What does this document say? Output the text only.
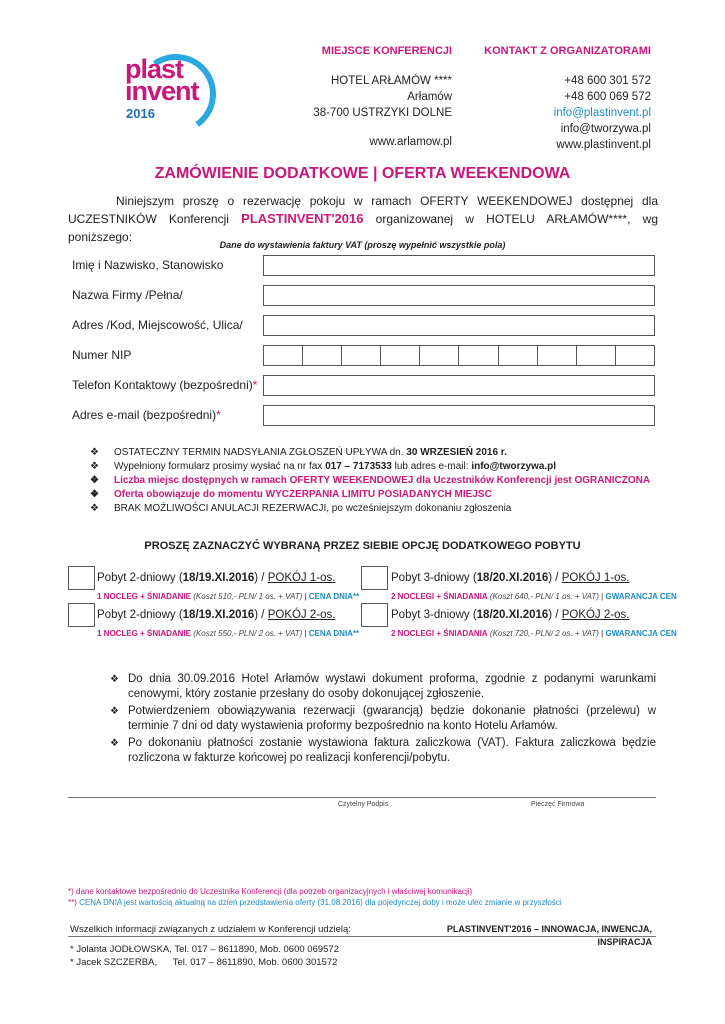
plast
invent
2016
MIEJSCE KONFERENCJI
HOTEL ARŁAMÓW ****
Arłamów
38-700 USTRZYKI DOLNE
www.arlamow.pl
KONTAKT Z ORGANIZATORAMI
+48 600 301 572
+48 600 069 572
info@plastinvent.pl
info@tworzywa.pl
www.plastinvent.pl
ZAMÓWIENIE DODATKOWE | OFERTA WEEKENDOWA
Niniejszym proszę o rezerwację pokoju w ramach OFERTY WEEKENDOWEJ dostępnej dla UCZESTNIKÓW Konferencji PLASTINVENT'2016 organizowanej w HOTELU ARŁAMÓW****, wg poniższego:
Dane do wystawienia faktury VAT (proszę wypełnić wszystkie pola)
Imię i Nazwisko, Stanowisko
Nazwa Firmy /Pełna/
Adres /Kod, Miejscowość, Ulica/
Numer NIP
Telefon Kontaktowy (bezpośredni)*
Adres e-mail (bezpośredni)*
❖	OSTATECZNY TERMIN NADSYŁANIA ZGŁOSZEŃ UPŁYWA dn. 30 WRZESIEŃ 2016 r.
❖	Wypełniony formularz prosimy wysłać na nr fax 017 – 7173533 lub adres e-mail: info@tworzywa.pl
❖	Liczba miejsc dostępnych w ramach OFERTY WEEKENDOWEJ dla Uczestników Konferencji jest OGRANICZONA
❖	Oferta obowiązuje do momentu WYCZERPANIA LIMITU POSIADANYCH MIEJSC
❖	BRAK MOŻLIWOŚCI ANULACJI REZERWACJI, po wcześniejszym dokonaniu zgłoszenia
PROSZĘ ZAZNACZYĆ WYBRANĄ PRZEZ SIEBIE OPCJĘ DODATKOWEGO POBYTU
Pobyt 2-dniowy (18/19.XI.2016) / POKÓJ 1-os.
1 NOCLEG + ŚNIADANIE (Koszt 510,- PLN/ 1 os. + VAT) | CENA DNIA**
Pobyt 3-dniowy (18/20.XI.2016) / POKÓJ 1-os.
2 NOCLEGI + ŚNIADANIA (Koszt 640,- PLN/ 1 os. + VAT) | GWARANCJA CEN
Pobyt 2-dniowy (18/19.XI.2016) / POKÓJ 2-os.
1 NOCLEG + ŚNIADANIE (Koszt 550,- PLN/ 2 os. + VAT) | CENA DNIA**
Pobyt 3-dniowy (18/20.XI.2016) / POKÓJ 2-os.
2 NOCLEGI + ŚNIADANIA (Koszt 720,- PLN/ 2 os. + VAT) | GWARANCJA CEN
❖ Do dnia 30.09.2016 Hotel Arłamów wystawi dokument proforma, zgodnie z podanymi warunkami cenowymi, który zostanie przesłany do osoby dokonującej zgłoszenie.
❖ Potwierdzeniem obowiązywania rezerwacji (gwarancją) będzie dokonanie płatności (przelewu) w terminie 7 dni od daty wystawienia proformy bezpośrednio na konto Hotelu Arłamów.
❖ Po dokonaniu płatności zostanie wystawiona faktura zaliczkowa (VAT). Faktura zaliczkowa będzie rozliczona w fakturze końcowej po realizacji konferencji/pobytu.
Czytelny Podpis	Pieczęć Firmowa
*) dane kontaktowe bezpośrednio do Uczestnika Konferencji (dla potrzeb organizacyjnych i właściwej komunikacji)
**) CENA DNIA jest wartością aktualną na dzień przedstawienia oferty (31.08.2016) dla pojedynczej doby i może ulec zmianie w przyszłości
Wszelkich informacji związanych z udziałem w Konferencji udzielą:	PLASTINVENT'2016 – INNOWACJA, INWENCJA, INSPIRACJA
* Jolanta JODŁOWSKA, Tel. 017 – 8611890, Mob. 0600 069572
* Jacek SZCZERBA,      Tel. 017 – 8611890, Mob. 0600 301572
